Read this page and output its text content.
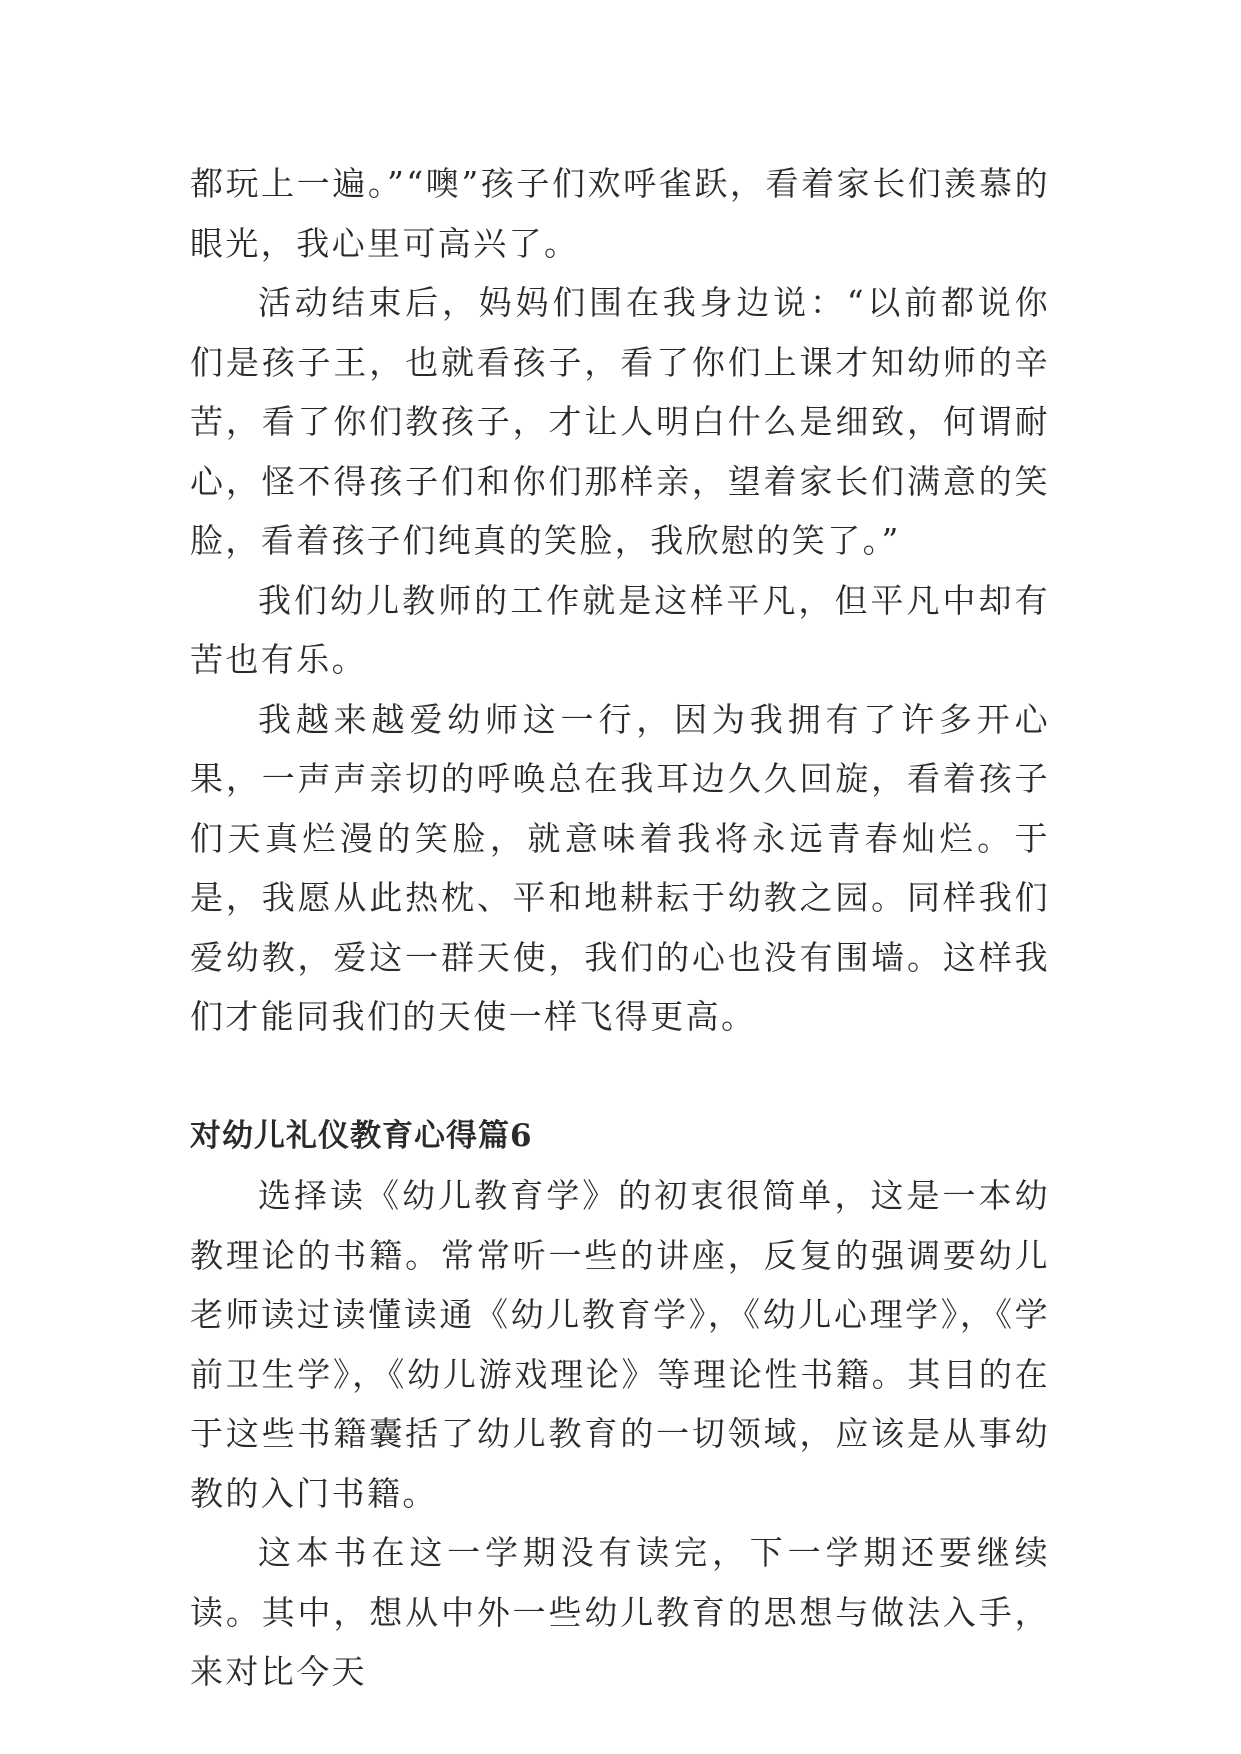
都玩上一遍。”“噢”孩子们欢呼雀跃，看着家长们羡慕的眼光，我心里可高兴了。

活动结束后，妈妈们围在我身边说：“以前都说你们是孩子王，也就看孩子，看了你们上课才知幼师的辛苦，看了你们教孩子，才让人明白什么是细致，何谓耐心，怪不得孩子们和你们那样亲，望着家长们满意的笑脸，看着孩子们纯真的笑脸，我欣慰的笑了。”

我们幼儿教师的工作就是这样平凡，但平凡中却有苦也有乐。

我越来越爱幼师这一行，因为我拥有了许多开心果，一声声亲切的呼唤总在我耳边久久回旋，看着孩子们天真烂漫的笑脸，就意味着我将永远青春灿烂。于是，我愿从此热枕、平和地耕耘于幼教之园。同样我们爱幼教，爱这一群天使，我们的心也没有围墙。这样我们才能同我们的天使一样飞得更高。

对幼儿礼仪教育心得篇6

选择读《幼儿教育学》的初衷很简单，这是一本幼教理论的书籍。常常听一些的讲座，反复的强调要幼儿老师读过读懂读通《幼儿教育学》，《幼儿心理学》，《学前卫生学》，《幼儿游戏理论》等理论性书籍。其目的在于这些书籍囊括了幼儿教育的一切领域，应该是从事幼教的入门书籍。

这本书在这一学期没有读完，下一学期还要继续读。其中，想从中外一些幼儿教育的思想与做法入手，来对比今天
